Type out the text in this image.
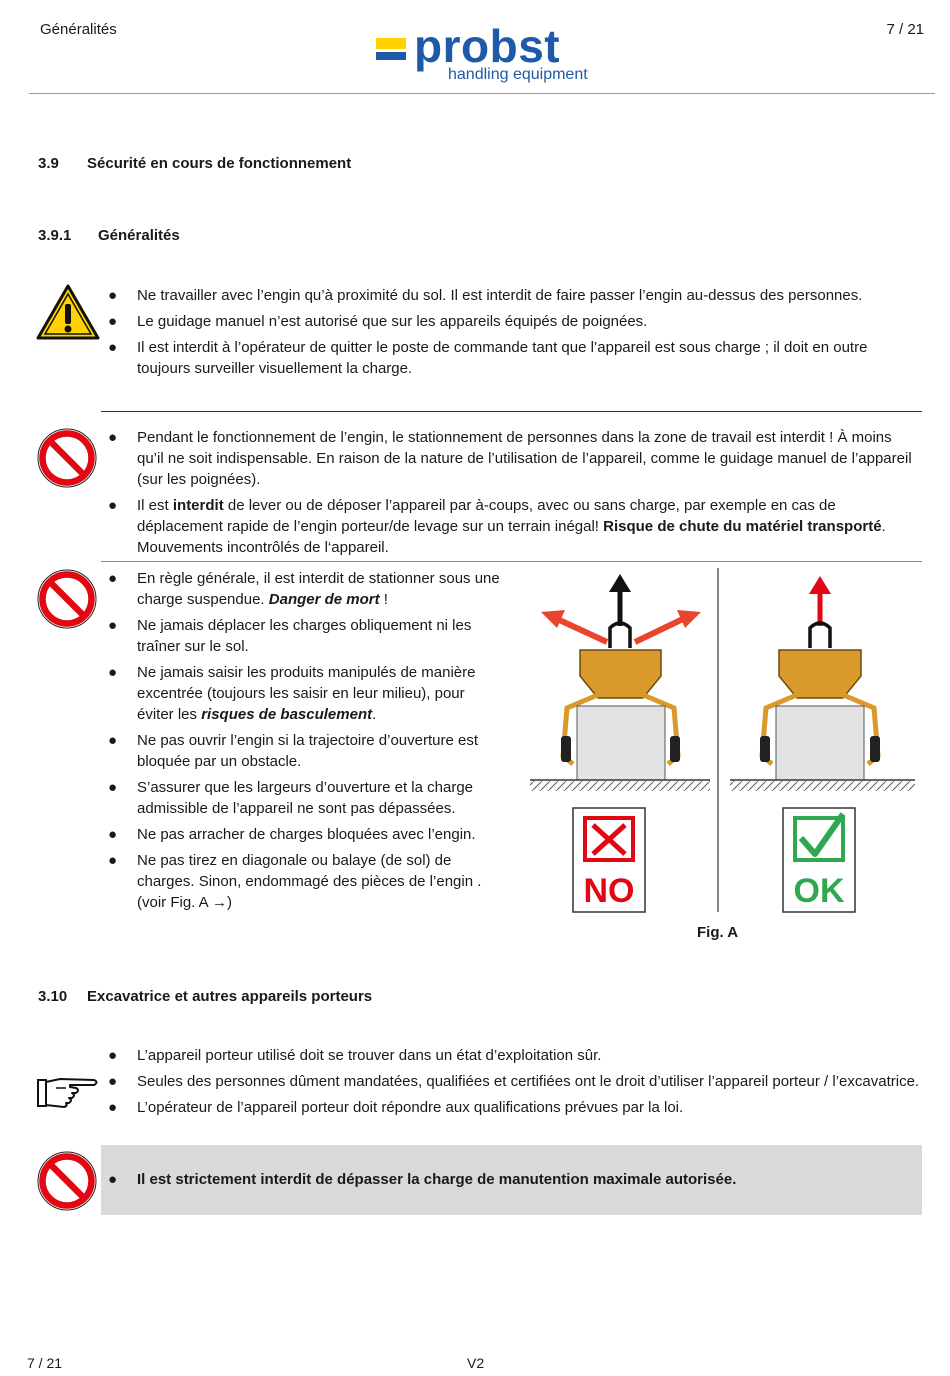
Généralités	7 / 21
probst
handling equipment
3.9 Sécurité en cours de fonctionnement
3.9.1 Généralités
● Ne travailler avec l’engin qu’à proximité du sol. Il est interdit de faire passer l’engin au-dessus des personnes.
● Le guidage manuel n’est autorisé que sur les appareils équipés de poignées.
● Il est interdit à l’opérateur de quitter le poste de commande tant que l’appareil est sous charge ; il doit en outre toujours surveiller visuellement la charge.
● Pendant le fonctionnement de l’engin, le stationnement de personnes dans la zone de travail est interdit ! À moins qu’il ne soit indispensable. En raison de la nature de l’utilisation de l’appareil, comme le guidage manuel de l’appareil (sur les poignées).
● Il est interdit de lever ou de déposer l’appareil par à-coups, avec ou sans charge, par exemple en cas de déplacement rapide de l’engin porteur/de levage sur un terrain inégal! Risque de chute du matériel transporté. Mouvements incontrôlés de l‘appareil.
● En règle générale, il est interdit de stationner sous une charge suspendue. Danger de mort !
● Ne jamais déplacer les charges obliquement ni les traîner sur le sol.
● Ne jamais saisir les produits manipulés de manière excentrée (toujours les saisir en leur milieu), pour éviter les risques de basculement.
● Ne pas ouvrir l’engin si la trajectoire d’ouverture est bloquée par un obstacle.
● S’assurer que les largeurs d’ouverture et la charge admissible de l’appareil ne sont pas dépassées.
● Ne pas arracher de charges bloquées avec l’engin.
● Ne pas tirez en diagonale ou balaye (de sol) de charges. Sinon, endommagé des pièces de l’engin . (voir Fig. A →)	NO	OK
Fig. A
3.10 Excavatrice et autres appareils porteurs
● L’appareil porteur utilisé doit se trouver dans un état d’exploitation sûr.
● Seules des personnes dûment mandatées, qualifiées et certifiées ont le droit d’utiliser l’appareil porteur / l’excavatrice.
● L’opérateur de l’appareil porteur doit répondre aux qualifications prévues par la loi.
● Il est strictement interdit de dépasser la charge de manutention maximale autorisée.
7 / 21	V2
